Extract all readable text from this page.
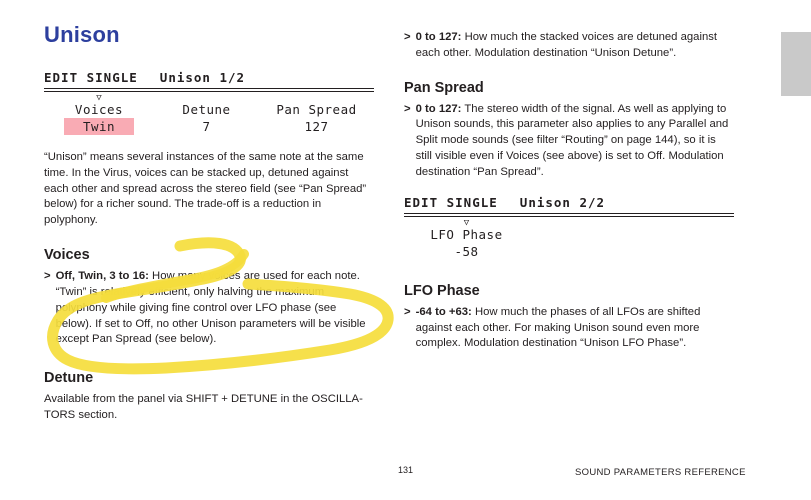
Unison
EDIT SINGLE Unison 1/2
▽
Voices	Detune	Pan Spread
Twin	7	127

“Unison” means several instances of the same note at the same time. In the Virus, voices can be stacked up, detuned against each other and spread across the stereo field (see “Pan Spread” below) for a richer sound. The trade-off is a reduction in polyphony.

Voices
> Off, Twin, 3 to 16: How many voices are used for each note. “Twin” is relatively efficient, only halving the maximum polyphony while giving fine control over LFO phase (see below). If set to Off, no other Unison parameters will be visible except Pan Spread (see below).
Detune

Available from the panel via SHIFT + DETUNE in the OSCILLA-TORS section.

> 0 to 127: How much the stacked voices are detuned against each other. Modulation destination “Unison Detune”.
Pan Spread
> 0 to 127: The stereo width of the signal. As well as applying to Unison sounds, this parameter also applies to any Parallel and Split mode sounds (see filter “Routing” on page 144), so it is still visible even if Voices (see above) is set to Off. Modulation destination “Pan Spread”.
EDIT SINGLE Unison 2/2
▽
LFO Phase
-58
LFO Phase
> -64 to +63: How much the phases of all LFOs are shifted against each other. For making Unison sound even more complex. Modulation destination “Unison LFO Phase”.
131	SOUND PARAMETERS REFERENCE
